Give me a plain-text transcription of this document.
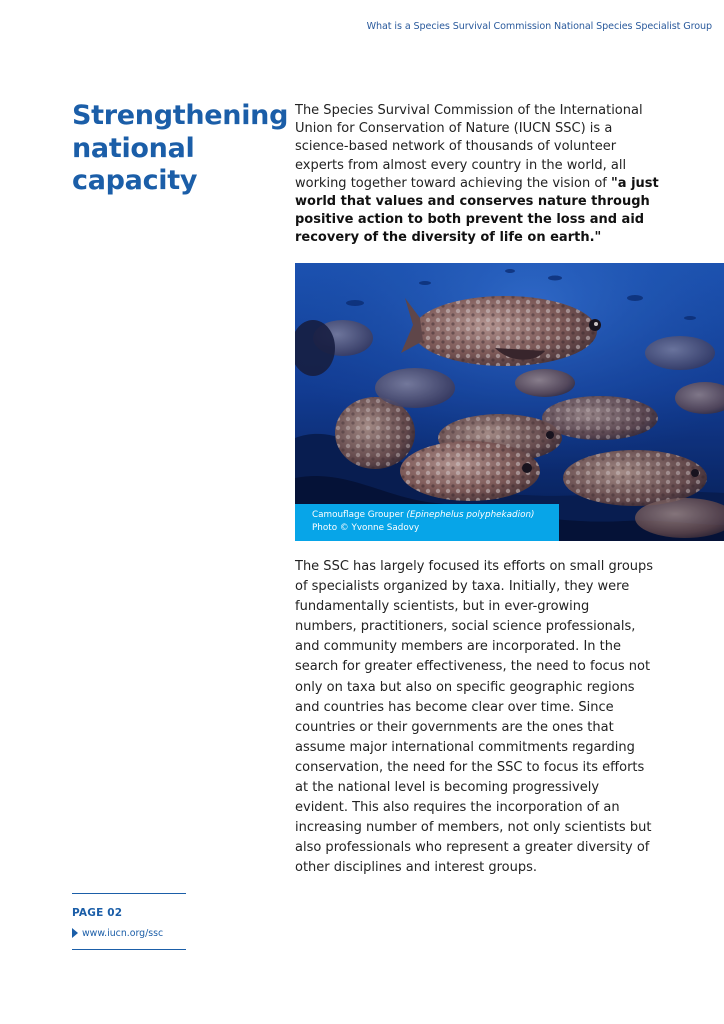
What is a Species Survival Commission National Species Specialist Group
Strengthening national capacity

The Species Survival Commission of the International Union for Conservation of Nature (IUCN SSC) is a science-based network of thousands of volunteer experts from almost every country in the world, all working together toward achieving the vision of "a just world that values and conserves nature through positive action to both prevent the loss and aid recovery of the diversity of life on earth."

Camouflage Grouper (Epinephelus polyphekadion)
Photo © Yvonne Sadovy

The SSC has largely focused its efforts on small groups of specialists organized by taxa. Initially, they were fundamentally scientists, but in ever-growing numbers, practitioners, social science professionals, and community members are incorporated. In the search for greater effectiveness, the need to focus not only on taxa but also on specific geographic regions and countries has become clear over time. Since countries or their governments are the ones that assume major international commitments regarding conservation, the need for the SSC to focus its efforts at the national level is becoming progressively evident. This also requires the incorporation of an increasing number of members, not only scientists but also professionals who represent a greater diversity of other disciplines and interest groups.

PAGE 02
www.iucn.org/ssc
